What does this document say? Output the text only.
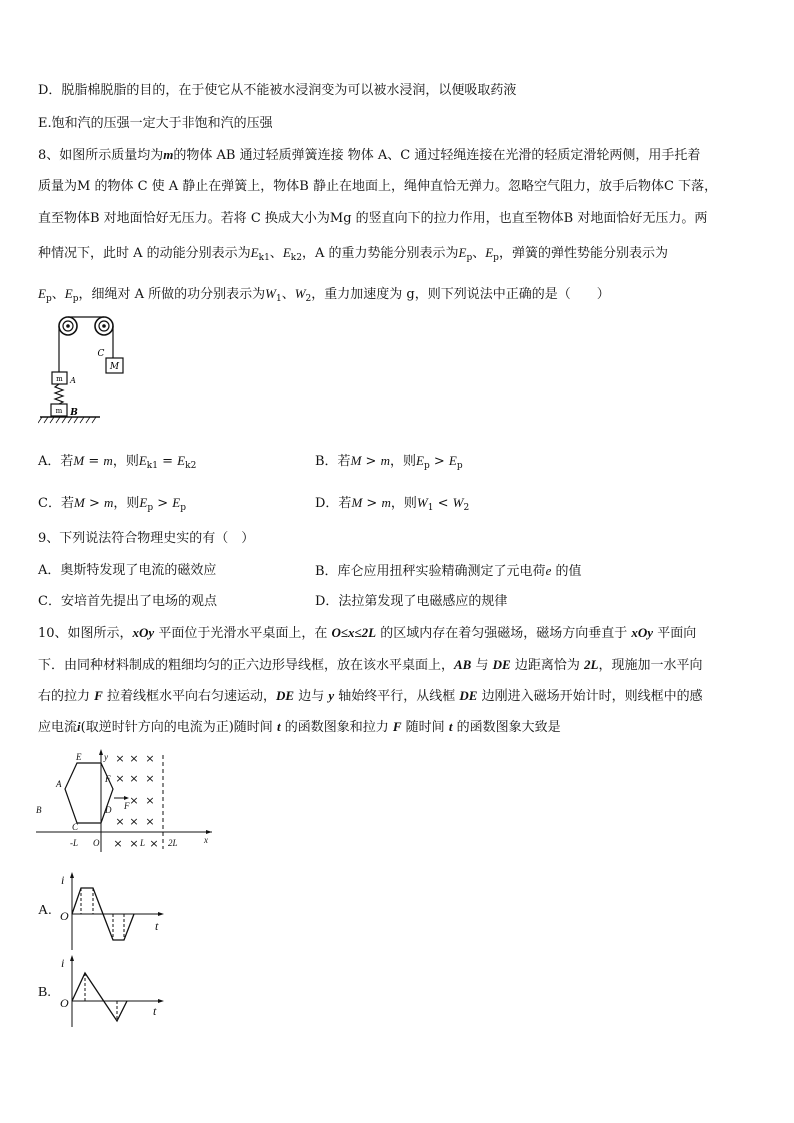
D．脱脂棉脱脂的目的，在于使它从不能被水浸润变为可以被水浸润，以便吸取药液
E.饱和汽的压强一定大于非饱和汽的压强
8、如图所示质量均为m的物体 AB 通过轻质弹簧连接 物体 A、C 通过轻绳连接在光滑的轻质定滑轮两侧，用手托着
质量为M 的物体 C 使 A 静止在弹簧上，物体B 静止在地面上，绳伸直恰无弹力。忽略空气阻力，放手后物体C 下落，
直至物体B 对地面恰好无压力。若将 C 换成大小为Mg 的竖直向下的拉力作用，也直至物体B 对地面恰好无压力。两
种情况下，此时 A 的动能分别表示为$E_{k1}$、$E_{k2}$，A 的重力势能分别表示为$E_p$、$E_p$，弹簧的弹性势能分别表示为
$E_p$、$E_p$，细绳对 A 所做的功分别表示为$W_1$、$W_2$，重力加速度为 g，则下列说法中正确的是（　　）
M
C
m A
m B
A．若M = m，则$E_{k1} = E_{k2}$	B．若M > m，则$E_p > E_p$
C．若M > m，则$E_p > E_p$	D．若M > m，则$W_1 < W_2$
9、下列说法符合物理史实的有（　）
A．奥斯特发现了电流的磁效应	B．库仑应用扭秤实验精确测定了元电荷e 的值
C．安培首先提出了电场的观点	D．法拉第发现了电磁感应的规律
10、如图所示，xOy 平面位于光滑水平桌面上，在 O≤x≤2L 的区域内存在着匀强磁场，磁场方向垂直于 xOy 平面向
下．由同种材料制成的粗细均匀的正六边形导线框，放在该水平桌面上，AB 与 DE 边距离恰为 2L，现施加一水平向
右的拉力 F 拉着线框水平向右匀速运动，DE 边与 y 轴始终平行，从线框 DE 边刚进入磁场开始计时，则线框中的感
应电流i(取逆时针方向的电流为正)随时间 t 的函数图象和拉力 F 随时间 t 的函数图象大致是
× × ×
× × ×
× ×
× × ×
× × ×
E	y
A	F
F
D
B
C
-L O	L	2L	x
A.
i
O
t
B.
i
O
t
